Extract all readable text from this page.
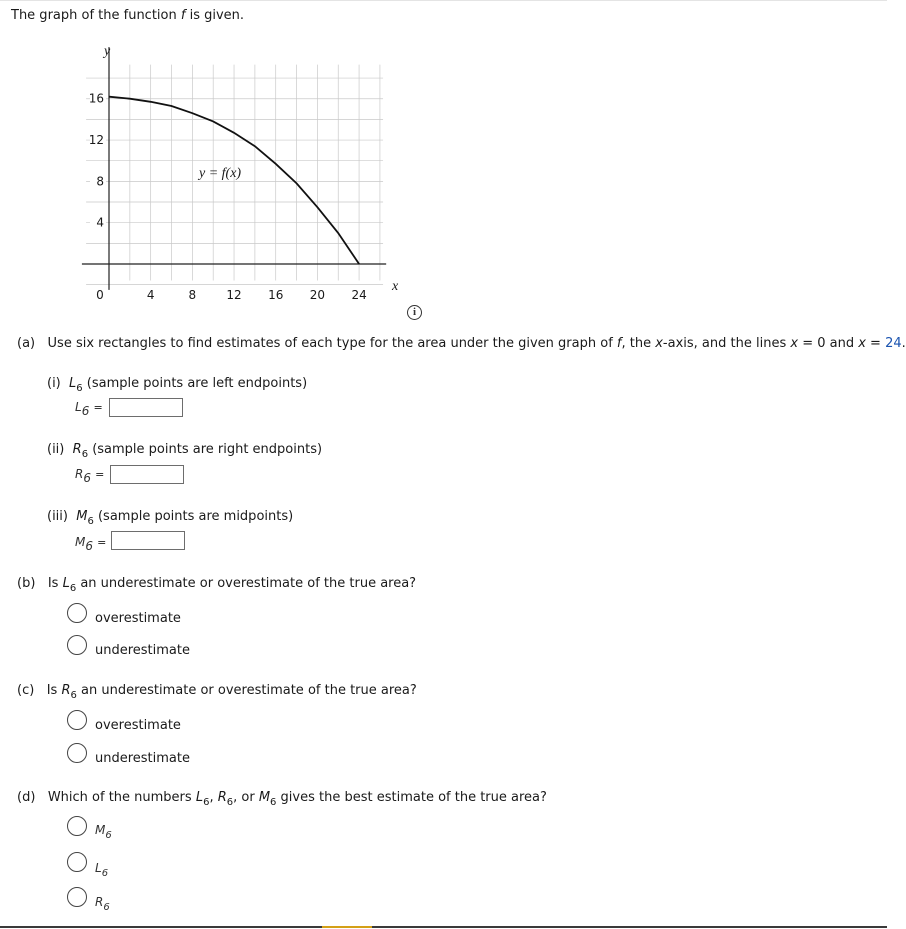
The graph of the function f is given.
4	8	12 16 20 24
0
4
8
12
16
y
x
y = f(x)
i
(a) Use six rectangles to find estimates of each type for the area under the given graph of f, the x-axis, and the lines x = 0 and x = 24.
(i) $L_6$ (sample points are left endpoints)
$L_6$ =
(ii) $R_6$ (sample points are right endpoints)
$R_6$ =
(iii) $M_6$ (sample points are midpoints)
$M_6$ =
(b) Is $L_6$ an underestimate or overestimate of the true area?
overestimate
underestimate
(c) Is $R_6$ an underestimate or overestimate of the true area?
overestimate
underestimate
(d) Which of the numbers $L_6$, $R_6$, or $M_6$ gives the best estimate of the true area?
$M_6$
$L_6$
$R_6$
